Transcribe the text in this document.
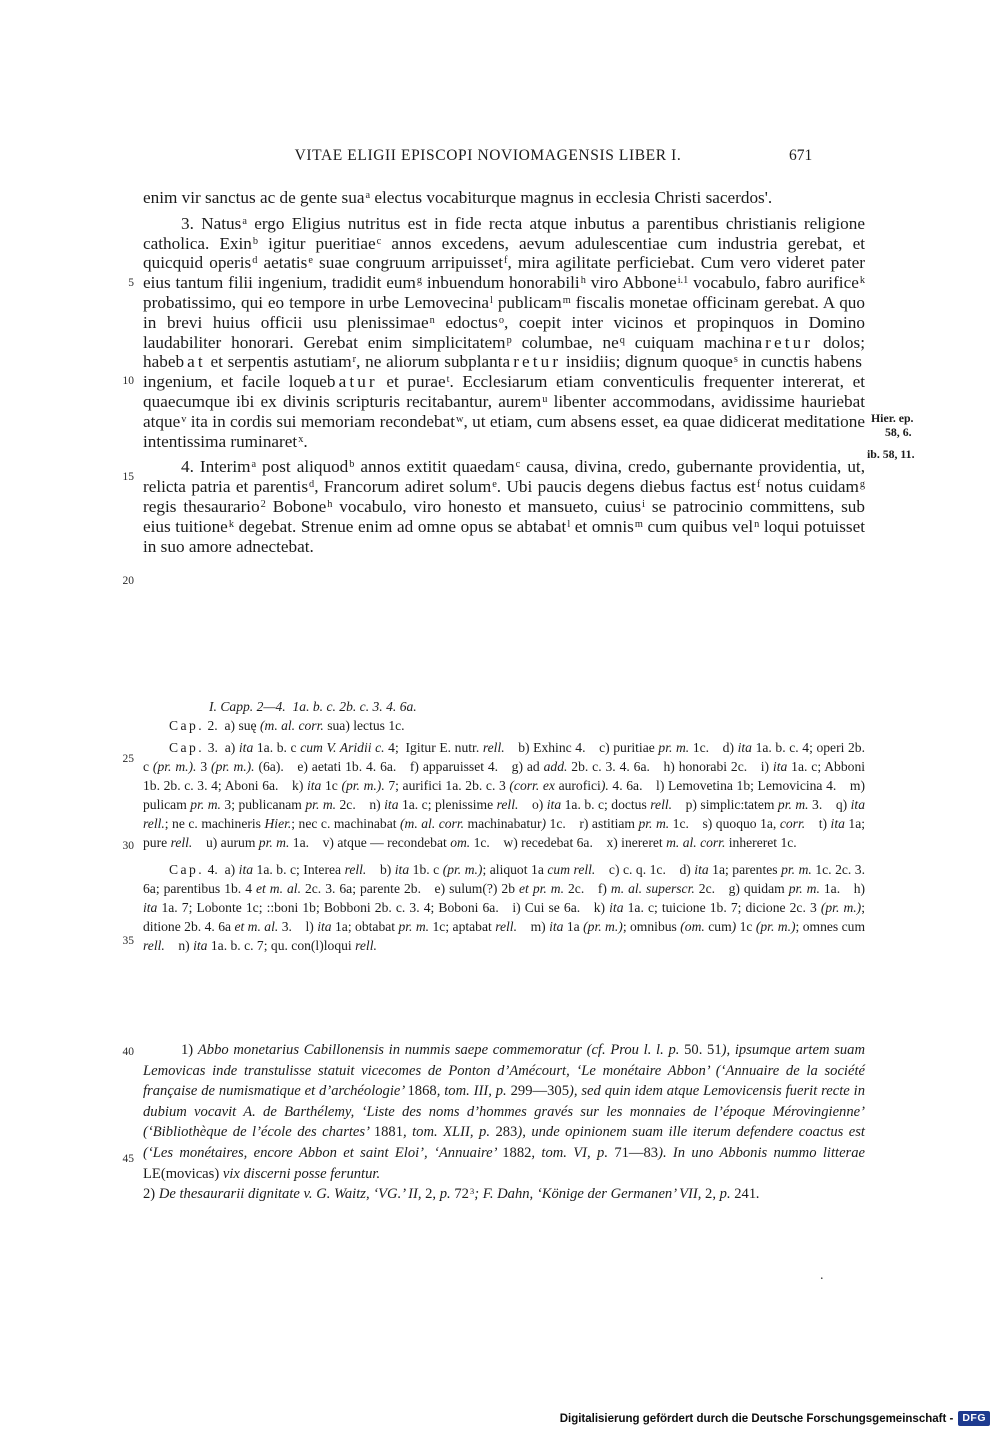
VITAE ELIGII EPISCOPI NOVIOMAGENSIS LIBER I.	671

enim vir sanctus ac de gente sua$^a$ electus vocabiturque magnus in ecclesia Christi sacerdos'.

3. Natus$^a$ ergo Eligius nutritus est in fide recta atque inbutus a parentibus christianis religione catholica. Exin$^b$ igitur pueritiae$^c$ annos excedens, aevum adulescentiae cum industria gerebat, et quicquid operis$^d$ aetatis$^e$ suae congruum arripuisset$^f$, mira agilitate perficiebat. Cum vero videret pater eius tantum filii ingenium, tradidit eum$^g$ inbuendum honorabili$^h$ viro Abbone$^{i.1}$ vocabulo, fabro aurifice$^k$ probatissimo, qui eo tempore in urbe Lemovecina$^l$ publicam$^m$ fiscalis monetae officinam gerebat. A quo in brevi huius officii usu plenissimae$^n$ edoctus$^o$, coepit inter vicinos et propinquos in Domino laudabiliter honorari. Gerebat enim simplicitatem$^p$ columbae, $ne^q$ cuiquam machinaretur dolos; habebat et serpentis astutiam$^r$, ne aliorum subplantaretur insidiis; dignum quoque$^s$ in cunctis habens ingenium, et facile loquebatur et purae$^t$. Ecclesiarum etiam conventiculis frequenter intererat, et quaecumque ibi ex divinis scripturis recitabantur, aurem$^u$ libenter accommodans, avidissime hauriebat atque$^v$ ita in cordis sui memoriam recondebat$^w$, ut etiam, cum absens esset, ea quae didicerat meditatione intentissima ruminaret$^x$.

4. Interim$^a$ post aliquod$^b$ annos extitit quaedam$^c$ causa, divina, credo, gubernante providentia, ut, relicta patria et parentis$^d$, Francorum adiret solum$^e$. Ubi paucis degens diebus factus est$^f$ notus cuidam$^g$ regis thesaurario$^2$ Bobone$^h$ vocabulo, viro honesto et mansueto, cuius$^i$ se patrocinio committens, sub eius tuitione$^k$ degebat. Strenue enim ad omne opus se abtabat$^l$ et omnis$^m$ cum quibus vel$^n$ loqui potuisset in suo amore adnectebat.

5
10
15
20
25
30
35
40
45
Hier. ep.
58, 6.
ib. 58, 11.

I. Capp. 2—4.  1a. b. c. 2b. c. 3. 4. 6a.

Cap. 2. a) suę (m. al. corr. sua) lectus 1c.

Cap. 3. a) ita 1a. b. c cum V. Aridii c. 4; Igitur E. nutr. rell. b) Exhinc 4. c) puritiae pr. m. 1c. d) ita 1a. b. c. 4; operi 2b. c (pr. m.). 3 (pr. m.). (6a). e) aetati 1b. 4. 6a. f) apparuisset 4. g) ad add. 2b. c. 3. 4. 6a. h) honorabi 2c. i) ita 1a. c; Abboni 1b. 2b. c. 3. 4; Aboni 6a. k) ita 1c (pr. m.). 7; aurifici 1a. 2b. c. 3 (corr. ex aurofici). 4. 6a. l) Lemovetina 1b; Lemovicina 4. m) pulicam pr. m. 3; publicanam pr. m. 2c. n) ita 1a. c; plenissime rell. o) ita 1a. b. c; doctus rell. p) simplic:tatem pr. m. 3. q) ita rell.; ne c. machineris Hier.; nec c. machinabat (m. al. corr. machinabatur) 1c. r) astitiam pr. m. 1c. s) quoquo 1a, corr. t) ita 1a; pure rell. u) aurum pr. m. 1a. v) atque — recondebat om. 1c. w) recedebat 6a. x) inereret m. al. corr. inhereret 1c.

Cap. 4. a) ita 1a. b. c; Interea rell. b) ita 1b. c (pr. m.); aliquot 1a cum rell. c) c. q. 1c. d) ita 1a; parentes pr. m. 1c. 2c. 3. 6a; parentibus 1b. 4 et m. al. 2c. 3. 6a; parente 2b. e) sulum(?) 2b et pr. m. 2c. f) m. al. superscr. 2c. g) quidam pr. m. 1a. h) ita 1a. 7; Lobonte 1c; ::boni 1b; Bobboni 2b. c. 3. 4; Boboni 6a. i) Cui se 6a. k) ita 1a. c; tuicione 1b. 7; dicione 2c. 3 (pr. m.); ditione 2b. 4. 6a et m. al. 3. l) ita 1a; obtabat pr. m. 1c; aptabat rell. m) ita 1a (pr. m.); omnibus (om. cum) 1c (pr. m.); omnes cum rell. n) ita 1a. b. c. 7; qu. con(l)loqui rell.

1) Abbo monetarius Cabillonensis in nummis saepe commemoratur (cf. Prou l. l. p. 50. 51), ipsumque artem suam Lemovicas inde transtulisse statuit vicecomes de Ponton d’Amécourt, ‘Le monétaire Abbon’ (‘Annuaire de la société française de numismatique et d’archéologie’ 1868, tom. III, p. 299—305), sed quin idem atque Lemovicensis fuerit recte in dubium vocavit A. de Barthélemy, ‘Liste des noms d’hommes gravés sur les monnaies de l’époque Mérovingienne’ (‘Bibliothèque de l’école des chartes’ 1881, tom. XLII, p. 283), unde opinionem suam ille iterum defendere coactus est (‘Les monétaires, encore Abbon et saint Eloi’, ‘Annuaire’ 1882, tom. VI, p. 71—83). In uno Abbonis nummo litterae LE(movicas) vix discerni posse feruntur.

2) De thesaurarii dignitate v. G. Waitz, ‘VG.’ II, 2, p. $72^3$; F. Dahn, ‘Könige der Germanen’ VII, 2, p. 241.

.
Digitalisierung gefördert durch die Deutsche Forschungsgemeinschaft - DFG
